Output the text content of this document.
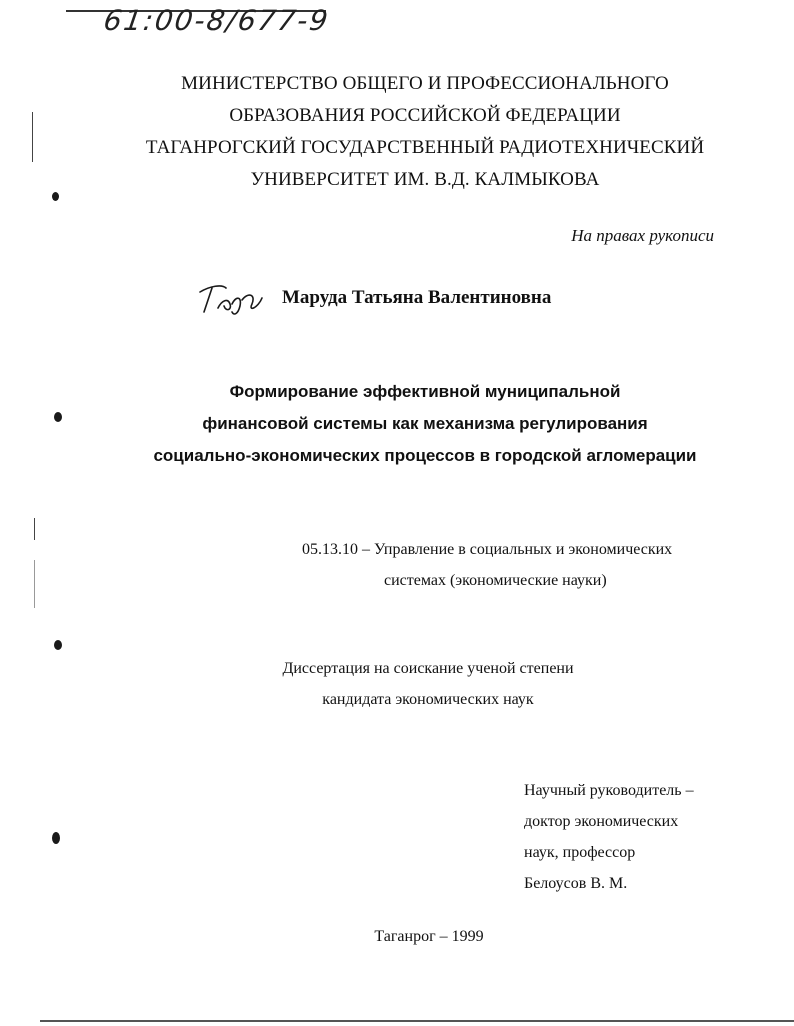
61:00-8/677-9
МИНИСТЕРСТВО ОБЩЕГО И ПРОФЕССИОНАЛЬНОГО
ОБРАЗОВАНИЯ РОССИЙСКОЙ ФЕДЕРАЦИИ
ТАГАНРОГСКИЙ ГОСУДАРСТВЕННЫЙ РАДИОТЕХНИЧЕСКИЙ
УНИВЕРСИТЕТ ИМ. В.Д. КАЛМЫКОВА
На правах рукописи
Маруда Татьяна Валентиновна
Формирование эффективной муниципальной
финансовой системы как механизма регулирования
социально-экономических процессов в городской агломерации
05.13.10 – Управление в социальных и экономических
системах (экономические науки)
Диссертация на соискание ученой степени
кандидата экономических наук
Научный руководитель –
доктор экономических
наук, профессор
Белоусов В. М.
Таганрог – 1999
